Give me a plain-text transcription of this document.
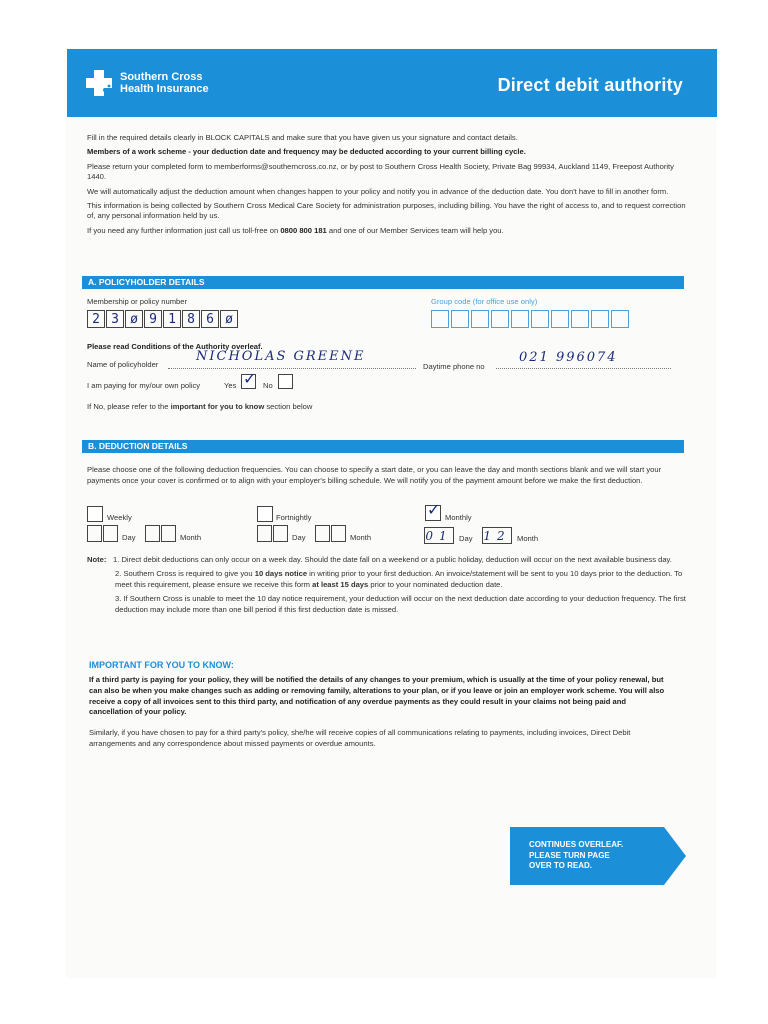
Southern Cross
Health Insurance	Direct debit authority

Fill in the required details clearly in BLOCK CAPITALS and make sure that you have given us your signature and contact details.

Members of a work scheme - your deduction date and frequency may be deducted according to your current billing cycle.

Please return your completed form to memberforms@southerncross.co.nz, or by post to Southern Cross Health Society, Private Bag 99934, Auckland 1149, Freepost Authority 1440.

We will automatically adjust the deduction amount when changes happen to your policy and notify you in advance of the deduction date. You don't have to fill in another form.

This information is being collected by Southern Cross Medical Care Society for administration purposes, including billing. You have the right of access to, and to request correction of, any personal information held by us.

If you need any further information just call us toll-free on 0800 800 181 and one of our Member Services team will help you.

A. POLICYHOLDER DETAILS
Membership or policy number
2 3 ø 9 1 8 6 ø
Group code (for office use only)
Please read Conditions of the Authority overleaf.
Name of policyholder
NICHOLAS GREENE
Daytime phone no
021 996074
I am paying for my/our own policy	Yes ✓ No
If No, please refer to the important for you to know section below
B. DEDUCTION DETAILS
Please choose one of the following deduction frequencies. You can choose to specify a start date, or you can leave the day and month sections blank and we will start your payments once your cover is confirmed or to align with your employer's billing schedule. We will notify you of the payment amount before we make the first deduction.
Weekly
Day	Month
Fortnightly
Day	Month
✓ Monthly
01 Day 12 Month
Note: 1. Direct debit deductions can only occur on a week day. Should the date fall on a weekend or a public holiday, deduction will occur on the next available business day.
2. Southern Cross is required to give you 10 days notice in writing prior to your first deduction. An invoice/statement will be sent to you 10 days prior to the deduction. To meet this requirement, please ensure we receive this form at least 15 days prior to your nominated deduction date.
3. If Southern Cross is unable to meet the 10 day notice requirement, your deduction will occur on the next deduction date according to your deduction frequency. The first deduction may include more than one bill period if this first deduction date is missed.
IMPORTANT FOR YOU TO KNOW:
If a third party is paying for your policy, they will be notified the details of any changes to your premium, which is usually at the time of your policy renewal, but can also be when you make changes such as adding or removing family, alterations to your plan, or if you leave or join an employer work scheme. You will also receive a copy of all invoices sent to this third party, and notification of any overdue payments as they could result in your claims not being paid and cancellation of your policy.
Similarly, if you have chosen to pay for a third party's policy, she/he will receive copies of all communications relating to payments, including invoices, Direct Debit arrangements and any correspondence about missed payments or overdue amounts.
CONTINUES OVERLEAF.
PLEASE TURN PAGE
OVER TO READ.
